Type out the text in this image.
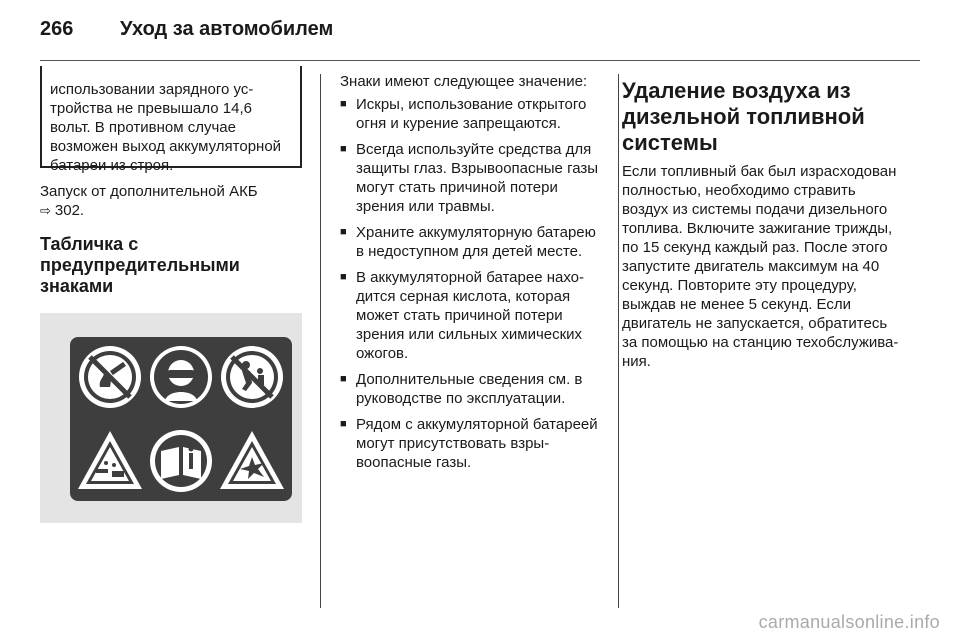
266 Уход за автомобилем

использовании зарядного устройства не превышало 14,6 вольт. В противном случае возможен выход аккумуляторной батареи из строя.

Запуск от дополнительной АКБ
⇨ 302.

Табличка с предупредительными знаками

Знаки имеют следующее значение:

■ Искры, использование открытого огня и курение запрещаются.
■ Всегда используйте средства для защиты глаз. Взрывоопасные газы могут стать причиной потери зрения или травмы.
■ Храните аккумуляторную батарею в недоступном для детей месте.
■ В аккумуляторной батарее находится серная кислота, которая может стать причиной потери зрения или сильных химических ожогов.
■ Дополнительные сведения см. в руководстве по эксплуатации.
■ Рядом с аккумуляторной батареей могут присутствовать взрывоопасные газы.
Удаление воздуха из дизельной топливной системы

Если топливный бак был израсходован полностью, необходимо стравить воздух из системы подачи дизельного топлива. Включите зажигание трижды, по 15 секунд каждый раз. После этого запустите двигатель максимум на 40 секунд. Повторите эту процедуру, выждав не менее 5 секунд. Если двигатель не запускается, обратитесь за помощью на станцию техобслуживания.

carmanualsonline.info
